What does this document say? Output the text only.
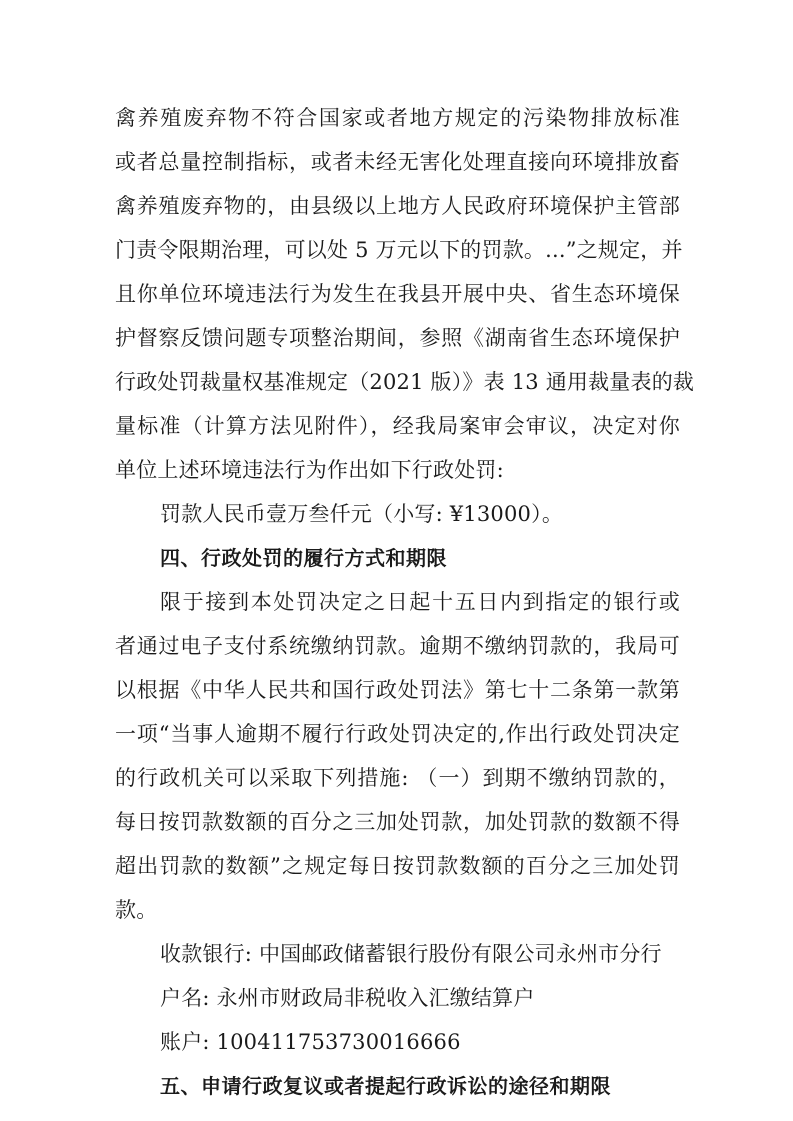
禽养殖废弃物不符合国家或者地方规定的污染物排放标准
或者总量控制指标，或者未经无害化处理直接向环境排放畜
禽养殖废弃物的，由县级以上地方人民政府环境保护主管部
门责令限期治理，可以处 5 万元以下的罚款。...”之规定，并
且你单位环境违法行为发生在我县开展中央、省生态环境保
护督察反馈问题专项整治期间，参照《湖南省生态环境保护
行政处罚裁量权基准规定（2021 版）》表 13 通用裁量表的裁
量标准（计算方法见附件），经我局案审会审议，决定对你
单位上述环境违法行为作出如下行政处罚:
罚款人民币壹万叁仟元（小写: ¥13000）。
四、行政处罚的履行方式和期限
限于接到本处罚决定之日起十五日内到指定的银行或
者通过电子支付系统缴纳罚款。逾期不缴纳罚款的，我局可
以根据《中华人民共和国行政处罚法》第七十二条第一款第
一项“当事人逾期不履行行政处罚决定的,作出行政处罚决定
的行政机关可以采取下列措施: （一）到期不缴纳罚款的，
每日按罚款数额的百分之三加处罚款，加处罚款的数额不得
超出罚款的数额”之规定每日按罚款数额的百分之三加处罚
款。
收款银行: 中国邮政储蓄银行股份有限公司永州市分行
户名: 永州市财政局非税收入汇缴结算户
账户: 100411753730016666
五、申请行政复议或者提起行政诉讼的途径和期限
